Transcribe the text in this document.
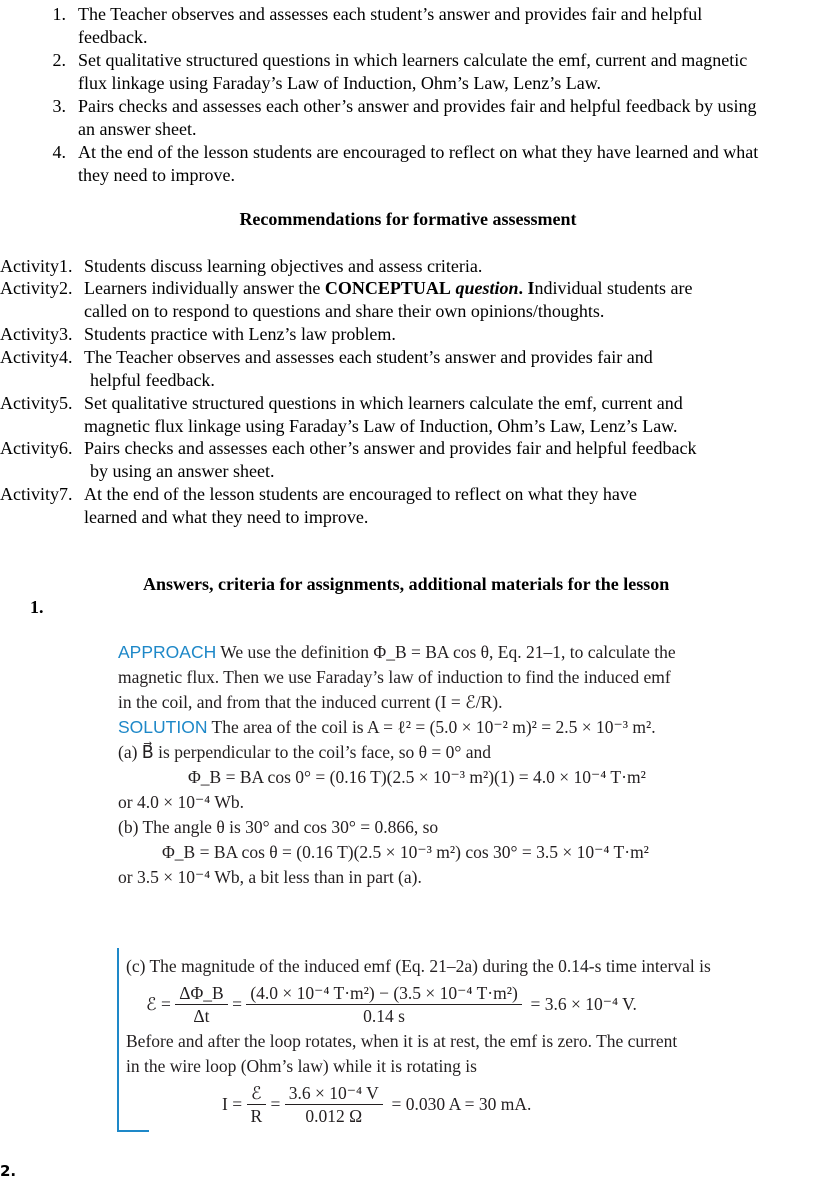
1. The Teacher observes and assesses each student’s answer and provides fair and helpful
feedback.
2. Set qualitative structured questions in which learners calculate the emf, current and magnetic
flux linkage using Faraday’s Law of Induction, Ohm’s Law, Lenz’s Law.
3. Pairs checks and assesses each other’s answer and provides fair and helpful feedback by using
an answer sheet.
4. At the end of the lesson students are encouraged to reflect on what they have learned and what
they need to improve.
Recommendations for formative assessment
Activity1. Students discuss learning objectives and assess criteria.
Activity2. Learners individually answer the CONCEPTUAL question. Individual students are
called on to respond to questions and share their own opinions/thoughts.
Activity3. Students practice with Lenz’s law problem.
Activity4. The Teacher observes and assesses each student’s answer and provides fair and
helpful feedback.
Activity5. Set qualitative structured questions in which learners calculate the emf, current and
magnetic flux linkage using Faraday’s Law of Induction, Ohm’s Law, Lenz’s Law.
Activity6. Pairs checks and assesses each other’s answer and provides fair and helpful feedback
by using an answer sheet.
Activity7. At the end of the lesson students are encouraged to reflect on what they have
learned and what they need to improve.
Answers, criteria for assignments, additional materials for the lesson
1.
APPROACH We use the definition Φ_B = BA cos θ, Eq. 21–1, to calculate the
magnetic flux. Then we use Faraday’s law of induction to find the induced emf
in the coil, and from that the induced current (I = ℰ/R).
SOLUTION The area of the coil is A = ℓ² = (5.0 × 10⁻² m)² = 2.5 × 10⁻³ m².
(a) B⃗ is perpendicular to the coil’s face, so θ = 0° and
Φ_B = BA cos 0° = (0.16 T)(2.5 × 10⁻³ m²)(1) = 4.0 × 10⁻⁴ T·m²
or 4.0 × 10⁻⁴ Wb.
(b) The angle θ is 30° and cos 30° = 0.866, so
Φ_B = BA cos θ = (0.16 T)(2.5 × 10⁻³ m²) cos 30° = 3.5 × 10⁻⁴ T·m²
or 3.5 × 10⁻⁴ Wb, a bit less than in part (a).
(c) The magnitude of the induced emf (Eq. 21–2a) during the 0.14-s time interval is
ℰ =
$\frac{\Delta\Phi\_B}{\Delta t}$
=
$\frac{\text{(4.0 × 10⁻⁴ T·m²) − (3.5 × 10⁻⁴ T·m²)}}{0.14 s}$
= 3.6 × 10⁻⁴ V.
Before and after the loop rotates, when it is at rest, the emf is zero. The current
in the wire loop (Ohm’s law) while it is rotating is
I =
$\frac{\text{ℰ}}{R}$
=
$\frac{\text{3.6 × 10⁻⁴ V}}{0.012 \Omega}$
= 0.030 A = 30 mA.
2.
